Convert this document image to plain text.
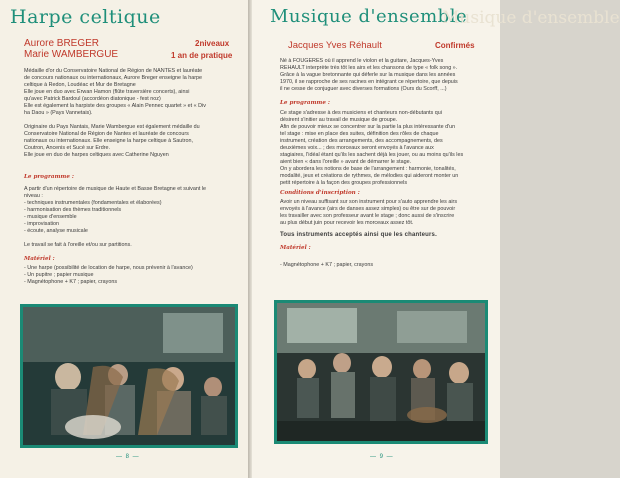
Harpe celtique
Aurore BREGER
Marie WAMBERGUE
2niveaux
1 an de pratique
Médaille d'or du Conservatoire National de Région de NANTES et lauréate
de concours nationaux ou internationaux, Aurore Breger enseigne la harpe
celtique à Redon, Loudéac et Mur de Bretagne
Elle joue en duo avec Erwan Hamon (flûte traversière concerts), ainsi
qu'avec Patrick Bardoul (accordéon diatonique - fest noz)
Elle est également la harpiste des groupes « Alain Pennec quartet » et « Div
ha Daou » (Pays Vannetais).
Originaire du Pays Nantais, Marie Wambergue est également médaille du
Conservatoire National de Région de Nantes et lauréate de concours
nationaux ou internationaux. Elle enseigne la harpe celtique à Sautron,
Coutron, Ancenis et Sucé sur Erdre.
Elle joue en duo de harpes celtiques avec Catherine Nguyen
Le programme :
A partir d'un répertoire de musique de Haute et Basse Bretagne et suivant le
niveau :
- techniques instrumentales (fondamentales et élaborées)
- harmonisation des thèmes traditionnels
- musique d'ensemble
- improvisation
- écoute, analyse musicale
Le travail se fait à l'oreille et/ou sur partitions.
Matériel :
- Une harpe (possibilité de location de harpe, nous prévenir à l'avance)
- Un pupitre ; papier musique
- Magnétophone + K7 ; papier, crayons
— 8 —
Musique d'ensemble
Musique d'ensemble
Jacques Yves Réhault	Confirmés
Né à FOUGERES où il apprend le violon et la guitare, Jacques-Yves
REHAULT interprète très tôt les airs et les chansons de type « folk song ».
Grâce à la vague bretonnante qui déferle sur la musique dans les années
1970, il se rapproche de ses racines en intégrant ce répertoire, que depuis
il ne cesse de conjuguer avec diverses formations (Ours du Scorff, ...)
Le programme :
Ce stage s'adresse à des musiciens et chanteurs non-débutants qui
désirent s'initier au travail de musique de groupe.
Afin de pouvoir mieux se concentrer sur la partie la plus intéressante d'un
tel stage : mise en place des suites, définition des rôles de chaque
instrument, création des arrangements, des accompagnements, des
deuxièmes voix... ; des morceaux seront envoyés à l'avance aux
stagiaires, l'idéal étant qu'ils les sachent déjà les jouer, ou au moins qu'ils les
aient bien « dans l'oreille » avant de démarrer le stage.
On y abordera les notions de base de l'arrangement : harmonie, tonalités,
modalité, jeux et créations de rythmes, de mélodies qui aideront monter un
petit répertoire à la façon des groupes professionnels
Conditions d'inscription :
Avoir un niveau suffisant sur son instrument pour s'auto apprendre les airs
envoyés à l'avance (airs de danses assez simples) ou être sur de pouvoir
les travailler avec son professeur avant le stage ; donc aussi de s'inscrire
au plus début juin pour recevoir les morceaux assez tôt.
Tous instruments acceptés ainsi que les chanteurs.
Matériel :
- Magnétophone + K7 ; papier, crayons
— 9 —
